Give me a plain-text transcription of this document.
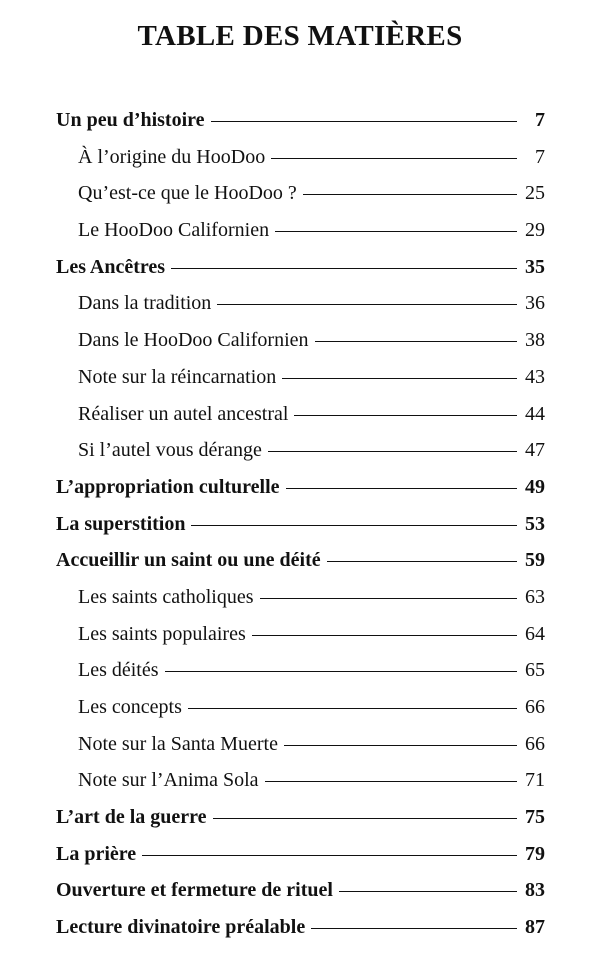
TABLE DES MATIÈRES
Un peu d’histoire	7
À l’origine du HooDoo	7
Qu’est-ce que le HooDoo ?	25
Le HooDoo Californien	29
Les Ancêtres	35
Dans la tradition	36
Dans le HooDoo Californien	38
Note sur la réincarnation	43
Réaliser un autel ancestral	44
Si l’autel vous dérange	47
L’appropriation culturelle	49
La superstition	53
Accueillir un saint ou une déité	59
Les saints catholiques	63
Les saints populaires	64
Les déités	65
Les concepts	66
Note sur la Santa Muerte	66
Note sur l’Anima Sola	71
L’art de la guerre	75
La prière	79
Ouverture et fermeture de rituel	83
Lecture divinatoire préalable	87
